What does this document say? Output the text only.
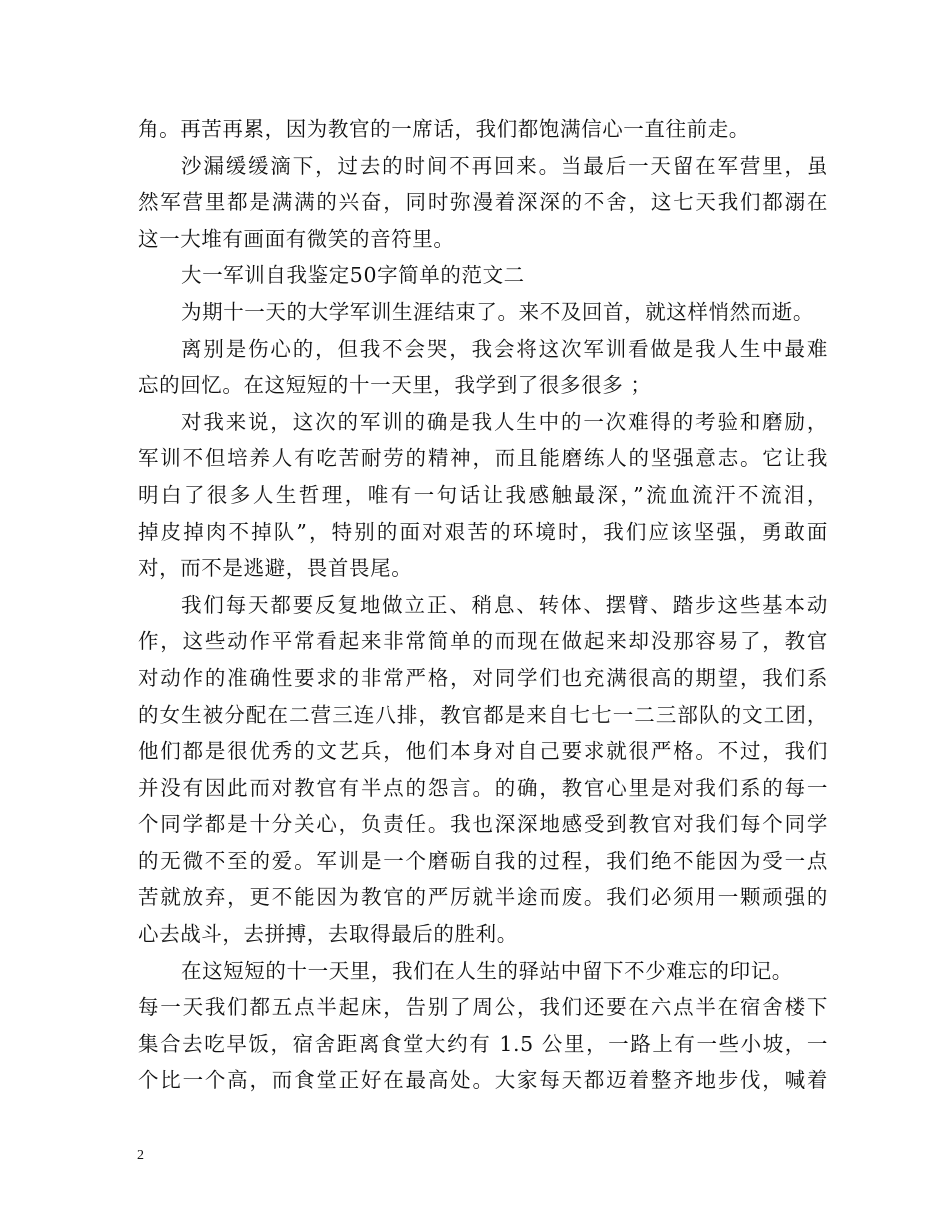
角。再苦再累，因为教官的一席话，我们都饱满信心一直往前走。
沙漏缓缓滴下，过去的时间不再回来。当最后一天留在军营里，虽
然军营里都是满满的兴奋，同时弥漫着深深的不舍，这七天我们都溺在
这一大堆有画面有微笑的音符里。
大一军训自我鉴定50字简单的范文二
为期十一天的大学军训生涯结束了。来不及回首，就这样悄然而逝。
离别是伤心的，但我不会哭，我会将这次军训看做是我人生中最难
忘的回忆。在这短短的十一天里，我学到了很多很多 ；
对我来说，这次的军训的确是我人生中的一次难得的考验和磨励，
军训不但培养人有吃苦耐劳的精神，而且能磨练人的坚强意志。它让我
明白了很多人生哲理，唯有一句话让我感触最深，”流血流汗不流泪，
掉皮掉肉不掉队”，特别的面对艰苦的环境时，我们应该坚强，勇敢面
对，而不是逃避，畏首畏尾。
我们每天都要反复地做立正、稍息、转体、摆臂、踏步这些基本动
作，这些动作平常看起来非常简单的而现在做起来却没那容易了，教官
对动作的准确性要求的非常严格，对同学们也充满很高的期望，我们系
的女生被分配在二营三连八排，教官都是来自七七一二三部队的文工团，
他们都是很优秀的文艺兵，他们本身对自己要求就很严格。不过，我们
并没有因此而对教官有半点的怨言。的确，教官心里是对我们系的每一
个同学都是十分关心，负责任。我也深深地感受到教官对我们每个同学
的无微不至的爱。军训是一个磨砺自我的过程，我们绝不能因为受一点
苦就放弃，更不能因为教官的严厉就半途而废。我们必须用一颗顽强的
心去战斗，去拼搏，去取得最后的胜利。
在这短短的十一天里，我们在人生的驿站中留下不少难忘的印记。
每一天我们都五点半起床，告别了周公，我们还要在六点半在宿舍楼下
集合去吃早饭，宿舍距离食堂大约有 1.5 公里，一路上有一些小坡，一
个比一个高，而食堂正好在最高处。大家每天都迈着整齐地步伐，喊着
2
